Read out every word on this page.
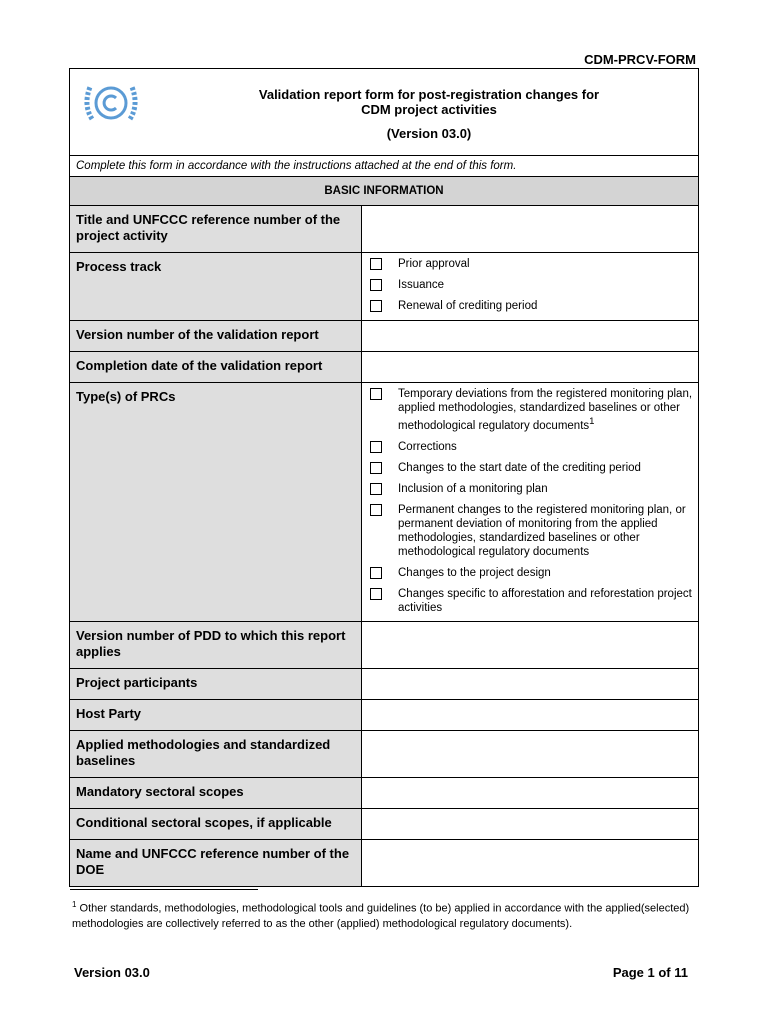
CDM-PRCV-FORM
Validation report form for post-registration changes for
CDM project activities
(Version 03.0)
Complete this form in accordance with the instructions attached at the end of this form.
BASIC INFORMATION
Title and UNFCCC reference number of the project activity
Process track	Prior approval
Issuance
Renewal of crediting period
Version number of the validation report
Completion date of the validation report
Type(s) of PRCs	Temporary deviations from the registered monitoring plan, applied methodologies, standardized baselines or other methodological regulatory documents$^1$
Corrections
Changes to the start date of the crediting period
Inclusion of a monitoring plan
Permanent changes to the registered monitoring plan, or permanent deviation of monitoring from the applied methodologies, standardized baselines or other methodological regulatory documents
Changes to the project design
Changes specific to afforestation and reforestation project activities
Version number of PDD to which this report applies
Project participants
Host Party
Applied methodologies and standardized baselines
Mandatory sectoral scopes
Conditional sectoral scopes, if applicable
Name and UNFCCC reference number of the DOE
$^1$ Other standards, methodologies, methodological tools and guidelines (to be) applied in accordance with the applied(selected) methodologies are collectively referred to as the other (applied) methodological regulatory documents).
Version 03.0	Page 1 of 11
